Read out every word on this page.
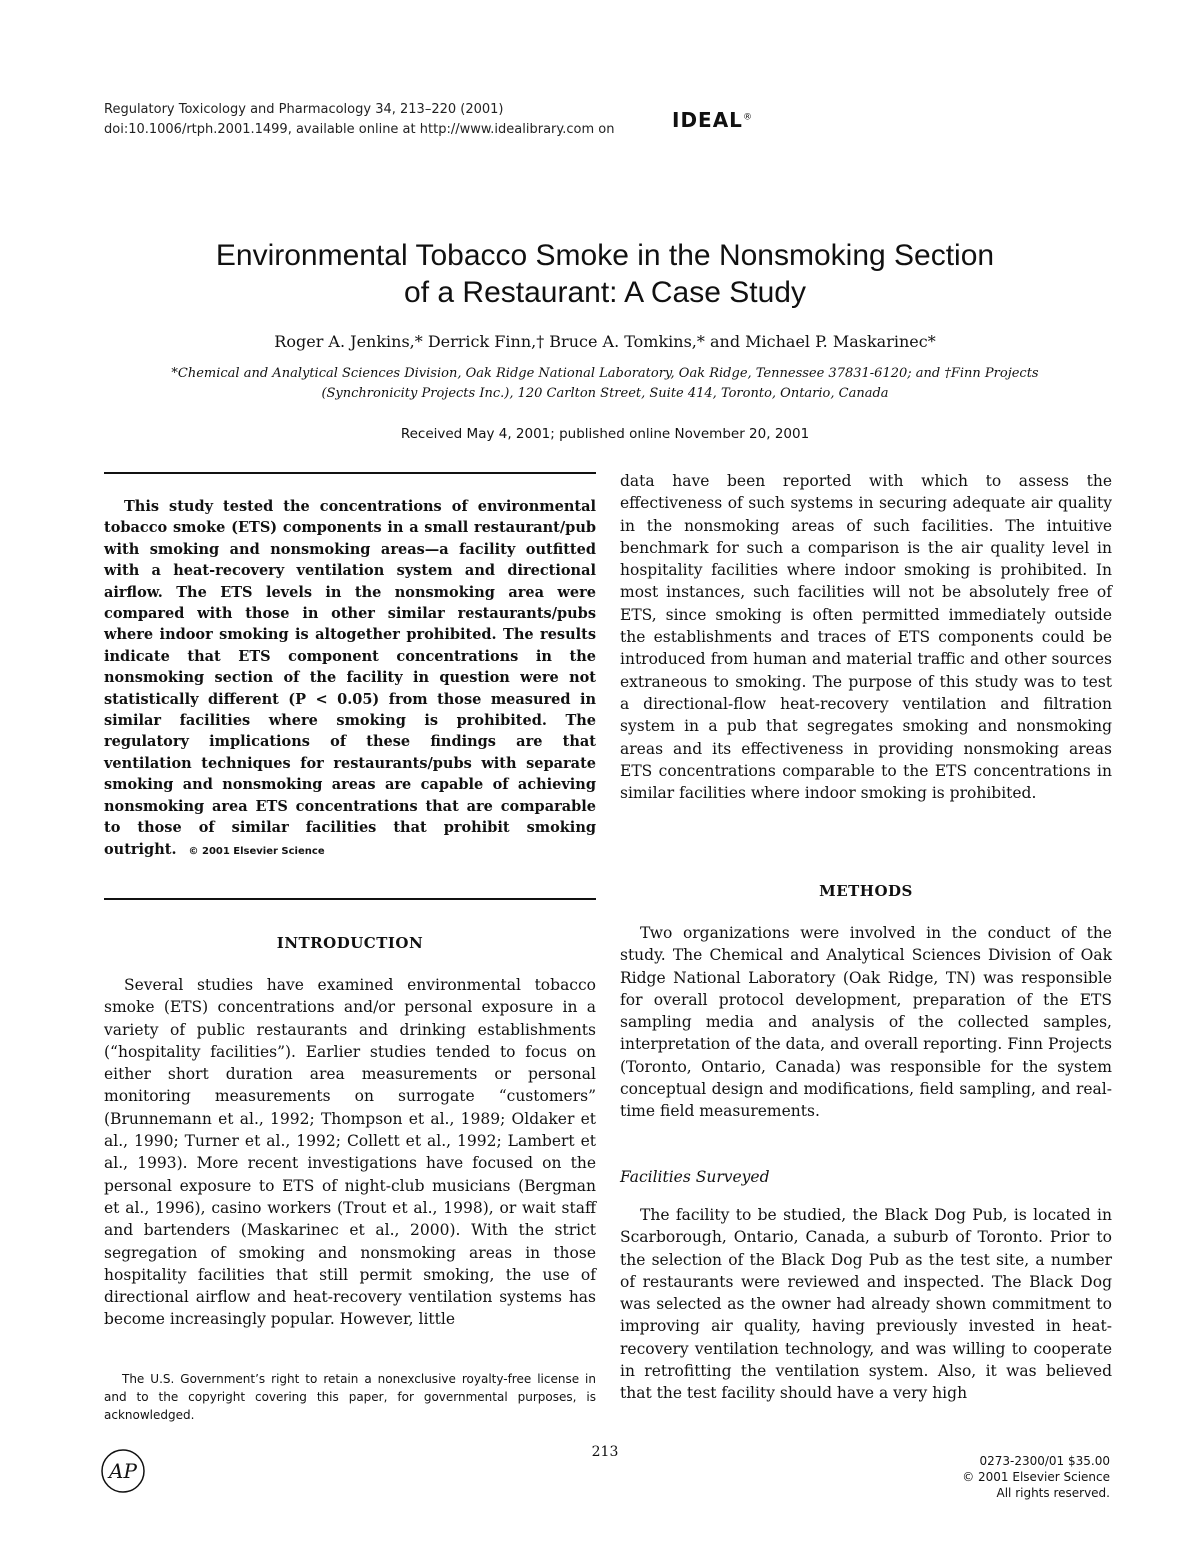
Regulatory Toxicology and Pharmacology 34, 213–220 (2001)
doi:10.1006/rtph.2001.1499, available online at http://www.idealibrary.com on	IDEAL®
Environmental Tobacco Smoke in the Nonsmoking Section
of a Restaurant: A Case Study
Roger A. Jenkins,* Derrick Finn,† Bruce A. Tomkins,* and Michael P. Maskarinec*
*Chemical and Analytical Sciences Division, Oak Ridge National Laboratory, Oak Ridge, Tennessee 37831-6120; and †Finn Projects
(Synchronicity Projects Inc.), 120 Carlton Street, Suite 414, Toronto, Ontario, Canada
Received May 4, 2001; published online November 20, 2001
This study tested the concentrations of environmental tobacco smoke (ETS) components in a small restaurant/pub with smoking and nonsmoking areas—a facility outfitted with a heat-recovery ventilation system and directional airflow. The ETS levels in the nonsmoking area were compared with those in other similar restaurants/pubs where indoor smoking is altogether prohibited. The results indicate that ETS component concentrations in the nonsmoking section of the facility in question were not statistically different (P < 0.05) from those measured in similar facilities where smoking is prohibited. The regulatory implications of these findings are that ventilation techniques for restaurants/pubs with separate smoking and nonsmoking areas are capable of achieving nonsmoking area ETS concentrations that are comparable to those of similar facilities that prohibit smoking outright. © 2001 Elsevier Science
INTRODUCTION

Several studies have examined environmental tobacco smoke (ETS) concentrations and/or personal exposure in a variety of public restaurants and drinking establishments (“hospitality facilities”). Earlier studies tended to focus on either short duration area measurements or personal monitoring measurements on surrogate “customers” (Brunnemann et al., 1992; Thompson et al., 1989; Oldaker et al., 1990; Turner et al., 1992; Collett et al., 1992; Lambert et al., 1993). More recent investigations have focused on the personal exposure to ETS of night-club musicians (Bergman et al., 1996), casino workers (Trout et al., 1998), or wait staff and bartenders (Maskarinec et al., 2000). With the strict segregation of smoking and nonsmoking areas in those hospitality facilities that still permit smoking, the use of directional airflow and heat-recovery ventilation systems has become increasingly popular. However, little

The U.S. Government’s right to retain a nonexclusive royalty-free license in and to the copyright covering this paper, for governmental purposes, is acknowledged.

data have been reported with which to assess the effectiveness of such systems in securing adequate air quality in the nonsmoking areas of such facilities. The intuitive benchmark for such a comparison is the air quality level in hospitality facilities where indoor smoking is prohibited. In most instances, such facilities will not be absolutely free of ETS, since smoking is often permitted immediately outside the establishments and traces of ETS components could be introduced from human and material traffic and other sources extraneous to smoking. The purpose of this study was to test a directional-flow heat-recovery ventilation and filtration system in a pub that segregates smoking and nonsmoking areas and its effectiveness in providing nonsmoking areas ETS concentrations comparable to the ETS concentrations in similar facilities where indoor smoking is prohibited.

METHODS

Two organizations were involved in the conduct of the study. The Chemical and Analytical Sciences Division of Oak Ridge National Laboratory (Oak Ridge, TN) was responsible for overall protocol development, preparation of the ETS sampling media and analysis of the collected samples, interpretation of the data, and overall reporting. Finn Projects (Toronto, Ontario, Canada) was responsible for the system conceptual design and modifications, field sampling, and real-time field measurements.

Facilities Surveyed

The facility to be studied, the Black Dog Pub, is located in Scarborough, Ontario, Canada, a suburb of Toronto. Prior to the selection of the Black Dog Pub as the test site, a number of restaurants were reviewed and inspected. The Black Dog was selected as the owner had already shown commitment to improving air quality, having previously invested in heat-recovery ventilation technology, and was willing to cooperate in retrofitting the ventilation system. Also, it was believed that the test facility should have a very high

AP
213
0273-2300/01 $35.00
© 2001 Elsevier Science
All rights reserved.
